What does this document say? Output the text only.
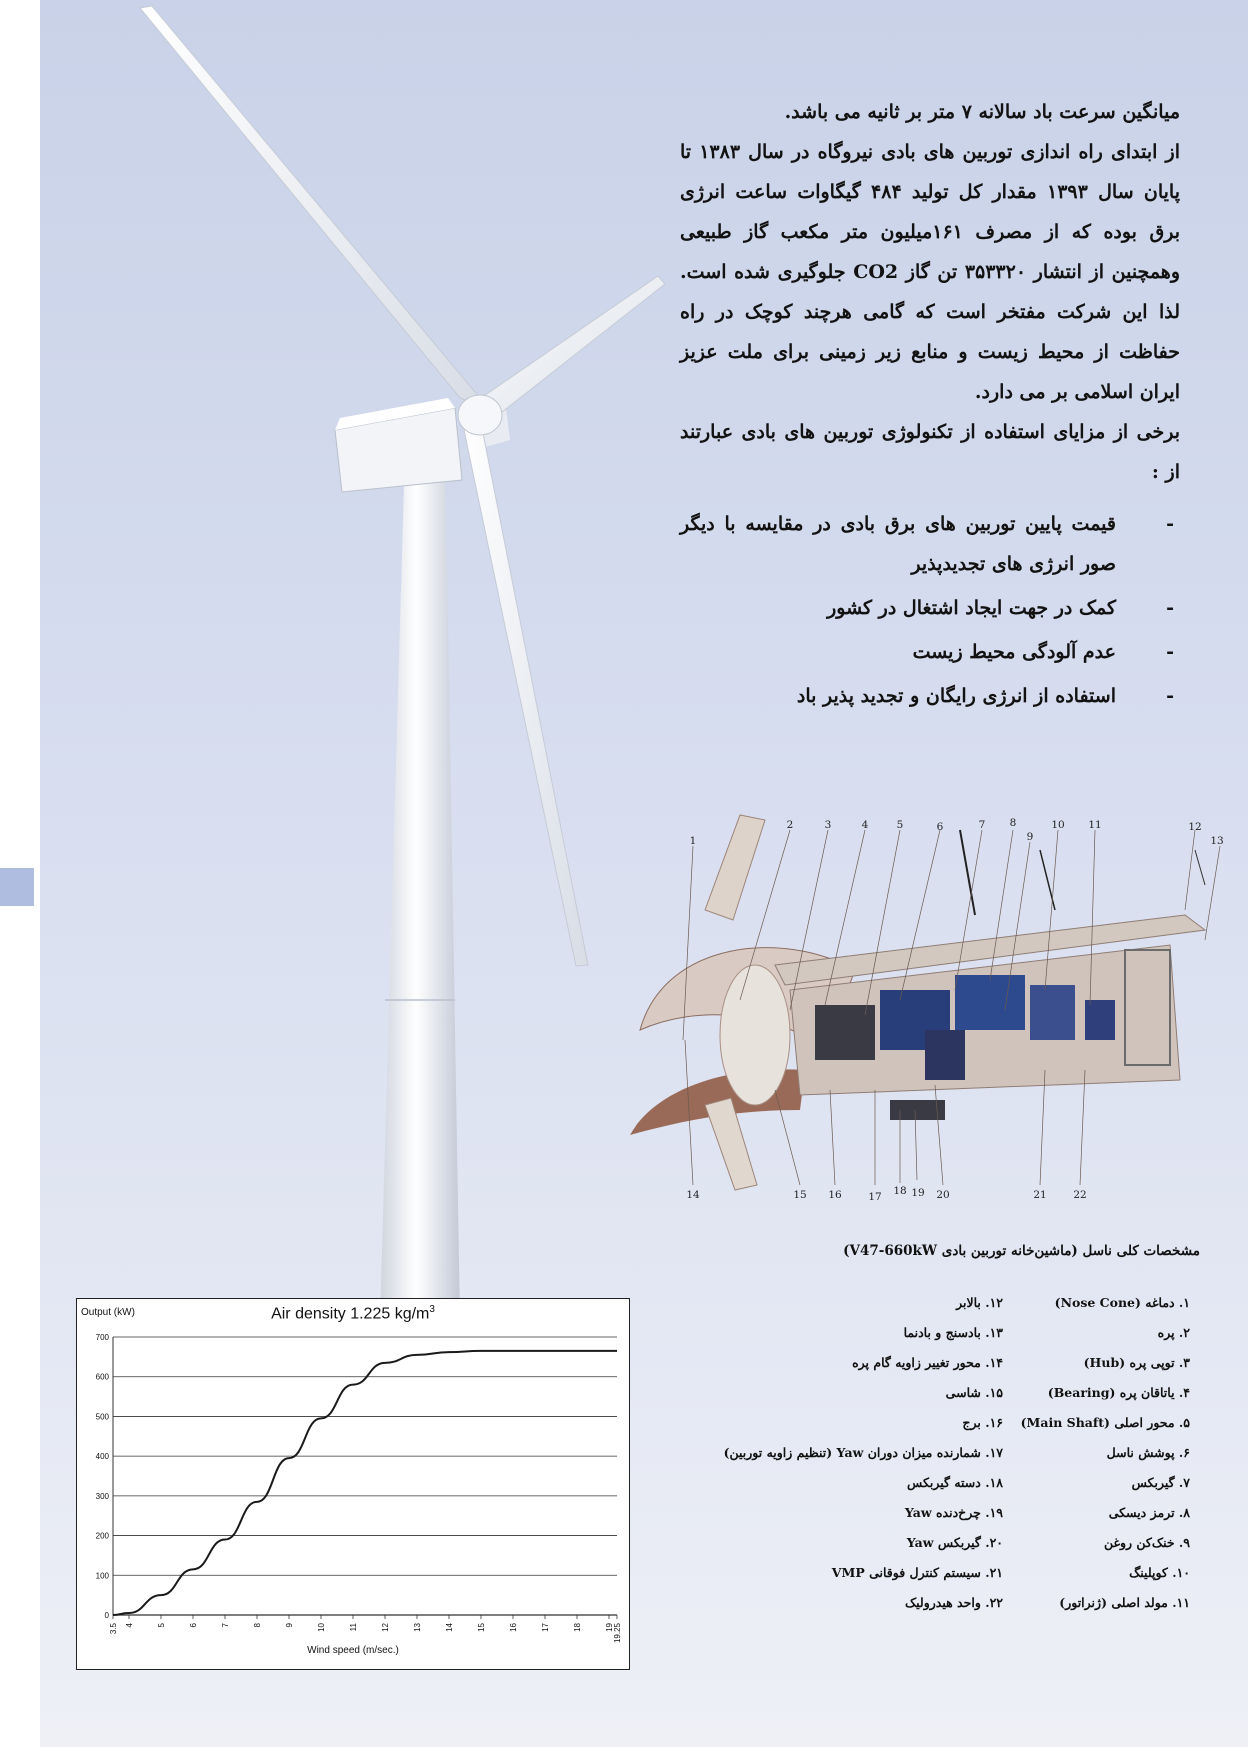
میانگین سرعت باد سالانه ۷ متر بر ثانیه می باشد.

از ابتدای راه اندازی توربین های بادی نیروگاه در سال ۱۳۸۳ تا پایان سال ۱۳۹۳ مقدار کل تولید ۴۸۴ گیگاوات ساعت انرژی برق بوده که از مصرف ۱۶۱میلیون متر مکعب گاز طبیعی وهمچنین از انتشار ۳۵۳۳۲۰ تن گاز CO2 جلوگیری شده است. لذا این شرکت مفتخر است که گامی هرچند کوچک در راه حفاظت از محیط زیست و منابع زیر زمینی برای ملت عزیز ایران اسلامی بر می دارد.

برخی از مزایای استفاده از تکنولوژی توربین های بادی عبارتند از :

-
قیمت پایین توربین های برق بادی در مقایسه با دیگر صور انرژی های تجدیدپذیر
-
کمک در جهت ایجاد اشتغال در کشور
-
عدم آلودگی محیط زیست
-
استفاده از انرژی رایگان و تجدید پذیر باد
1
2	3	4	5	6	7 8
9
10 11	12
13
14	15 16	17 18 19 20	21	22
مشخصات کلی ناسل (ماشین‌خانه توربین بادی V47-660kW)
۱. دماغه (Nose Cone)
۲. پره
۳. توپی پره (Hub)
۴. یاتاقان پره (Bearing)
۵. محور اصلی (Main Shaft)
۶. پوشش ناسل
۷. گیربکس
۸. ترمز دیسکی
۹. خنک‌کن روغن
۱۰. کوپلینگ
۱۱. مولد اصلی (ژنراتور)
۱۲. بالابر
۱۳. بادسنج و بادنما
۱۴. محور تغییر زاویه گام پره
۱۵. شاسی
۱۶. برج
۱۷. شمارنده میزان دوران Yaw (تنظیم زاویه توربین)
۱۸. دسته گیربکس
۱۹. چرخ‌دنده Yaw
۲۰. گیربکس Yaw
۲۱. سیستم کنترل فوقانی VMP
۲۲. واحد هیدرولیک
0
100
200
300
400
500
600
700
3.5 4	5	6	7	8	9	10	11	12	13	14	15	16	17	18	19 19.25
Output (kW)	Air density 1.225 $kg/m^3$
Wind speed (m/sec.)
